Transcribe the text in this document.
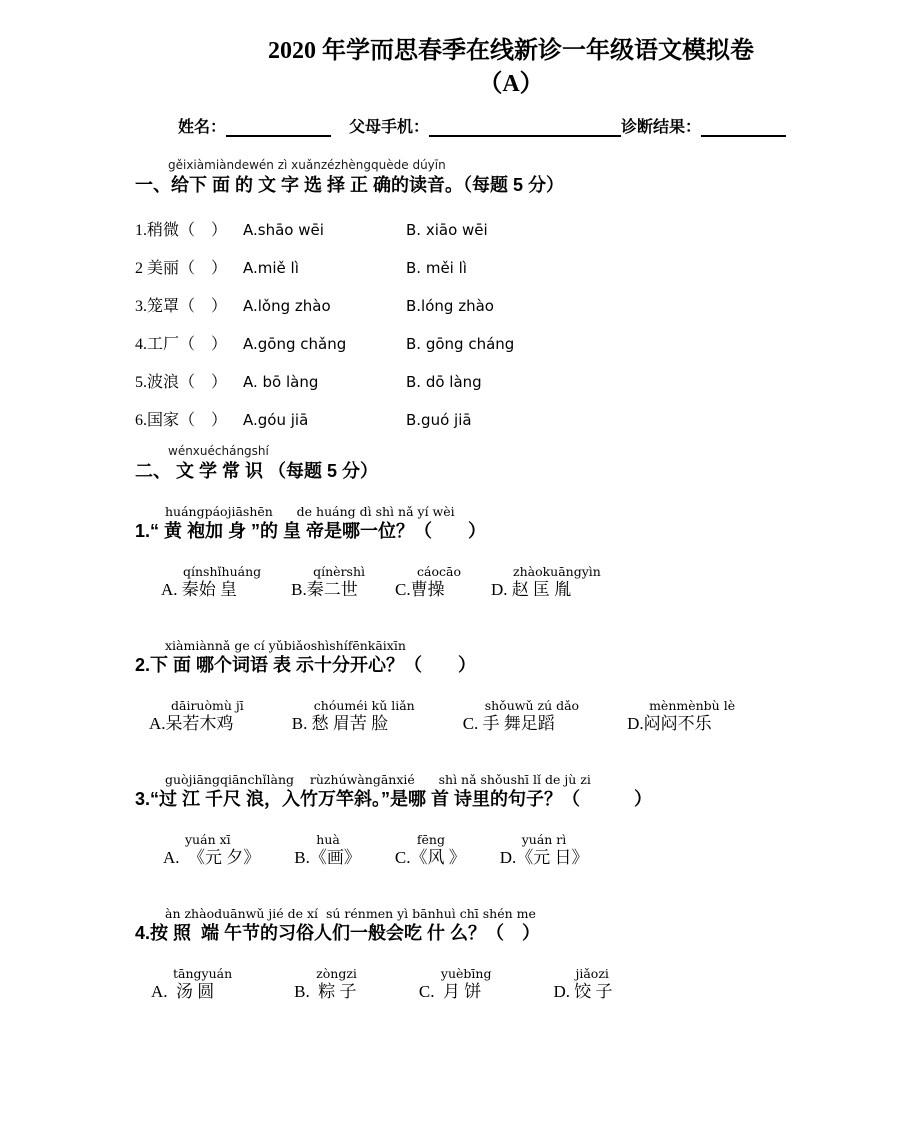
2020 年学而思春季在线新诊一年级语文模拟卷
（A）
姓名：	父母手机：	诊断结果：
gěixiàmiàndewén zì xuǎnzézhèngquède dúyīn
一、给下 面 的 文 字 选 择 正 确的读音。（每题 5 分）
1.稍微（　）	A.shāo wēi	B. xiāo wēi
2 美丽（　）	A.miě lì	B. měi lì
3.笼罩（　）	A.lǒng zhào	B.lóng zhào
4.工厂（　）	A.gōng chǎng	B. gōng cháng
5.波浪（　）	A. bō làng	B. dō làng
6.国家（　）	A.góu jiā	B.guó jiā
wénxuéchángshí
二、 文 学 常 识 （每题 5 分）
huángpáojiāshēn      de huáng dì shì nǎ yí wèi
1.“ 黄 袍加 身 ”的 皇 帝是哪一位？（　　）
qínshǐhuáng
A. 秦始 皇
qínèrshì
B.秦二世
cáocāo
C.曹操
zhàokuāngyìn
D. 赵 匡 胤
xiàmiànnǎ ge cí yǔbiǎoshìshífēnkāixīn
2.下 面 哪个词语 表 示十分开心？（　　）
dāiruòmù jī
A.呆若木鸡
chóuméi kǔ liǎn
B. 愁 眉苦 脸
shǒuwǔ zú dǎo
C. 手 舞足蹈
mènmènbù lè
D.闷闷不乐
guòjiāngqiānchǐlàng    rùzhúwàngānxié      shì nǎ shǒushī lǐ de jù zi
3.“过 江 千尺 浪，入竹万竿斜。”是哪 首 诗里的句子？（　　　）
yuán xī
A.  《元 夕》
huà
B.《画》
fēng
C.《风 》
yuán rì
D.《元 日》
àn zhàoduānwǔ jié de xí  sú rénmen yì bānhuì chī shén me
4.按 照  端 午节的习俗人们一般会吃 什 么？（　）
tāngyuán
A.  汤 圆
zòngzi
B.  粽 子
yuèbīng
C.  月 饼
jiǎozi
D. 饺 子
